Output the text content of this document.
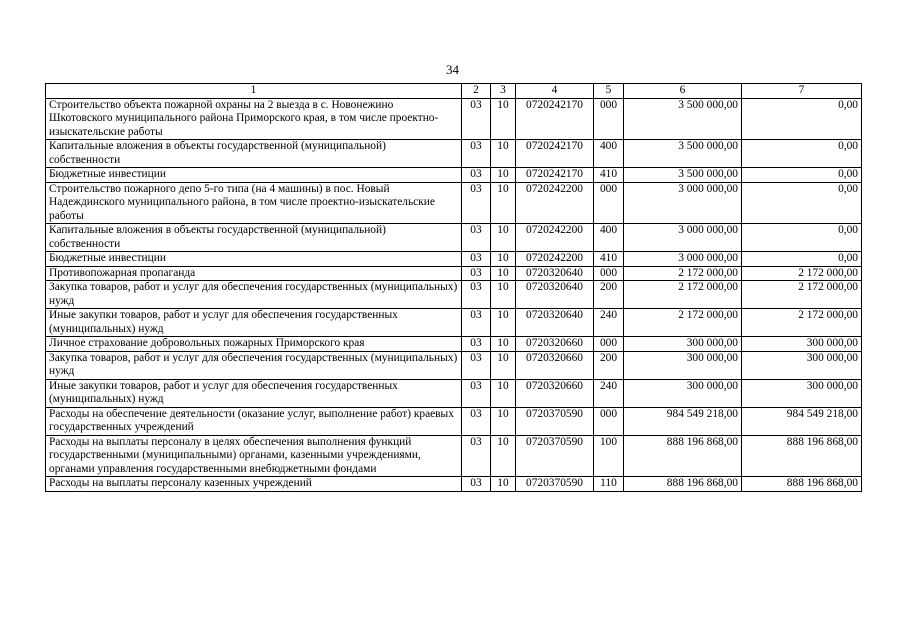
34
1	2	3	4	5	6	7
Строительство объекта пожарной охраны на 2 выезда в с. Новонежино Шкотовского муниципального района Приморского края, в том числе проектно-изыскательские работы	03	10	0720242170	000	3 500 000,00	0,00
Капитальные вложения в объекты государственной (муниципальной) собственности	03	10	0720242170	400	3 500 000,00	0,00
Бюджетные инвестиции	03	10	0720242170	410	3 500 000,00	0,00
Строительство пожарного депо 5-го типа (на 4 машины) в пос. Новый Надеждинского муниципального района, в том числе проектно-изыскательские работы	03	10	0720242200	000	3 000 000,00	0,00
Капитальные вложения в объекты государственной (муниципальной) собственности	03	10	0720242200	400	3 000 000,00	0,00
Бюджетные инвестиции	03	10	0720242200	410	3 000 000,00	0,00
Противопожарная пропаганда	03	10	0720320640	000	2 172 000,00	2 172 000,00
Закупка товаров, работ и услуг для обеспечения государственных (муниципальных) нужд	03	10	0720320640	200	2 172 000,00	2 172 000,00
Иные закупки товаров, работ и услуг для обеспечения государственных (муниципальных) нужд	03	10	0720320640	240	2 172 000,00	2 172 000,00
Личное страхование добровольных пожарных Приморского края	03	10	0720320660	000	300 000,00	300 000,00
Закупка товаров, работ и услуг для обеспечения государственных (муниципальных) нужд	03	10	0720320660	200	300 000,00	300 000,00
Иные закупки товаров, работ и услуг для обеспечения государственных (муниципальных) нужд	03	10	0720320660	240	300 000,00	300 000,00
Расходы на обеспечение деятельности (оказание услуг, выполнение работ) краевых государственных учреждений	03	10	0720370590	000	984 549 218,00	984 549 218,00
Расходы на выплаты персоналу в целях обеспечения выполнения функций государственными (муниципальными) органами, казенными учреждениями, органами управления государственными внебюджетными фондами	03	10	0720370590	100	888 196 868,00	888 196 868,00
Расходы на выплаты персоналу казенных учреждений	03	10	0720370590	110	888 196 868,00	888 196 868,00
